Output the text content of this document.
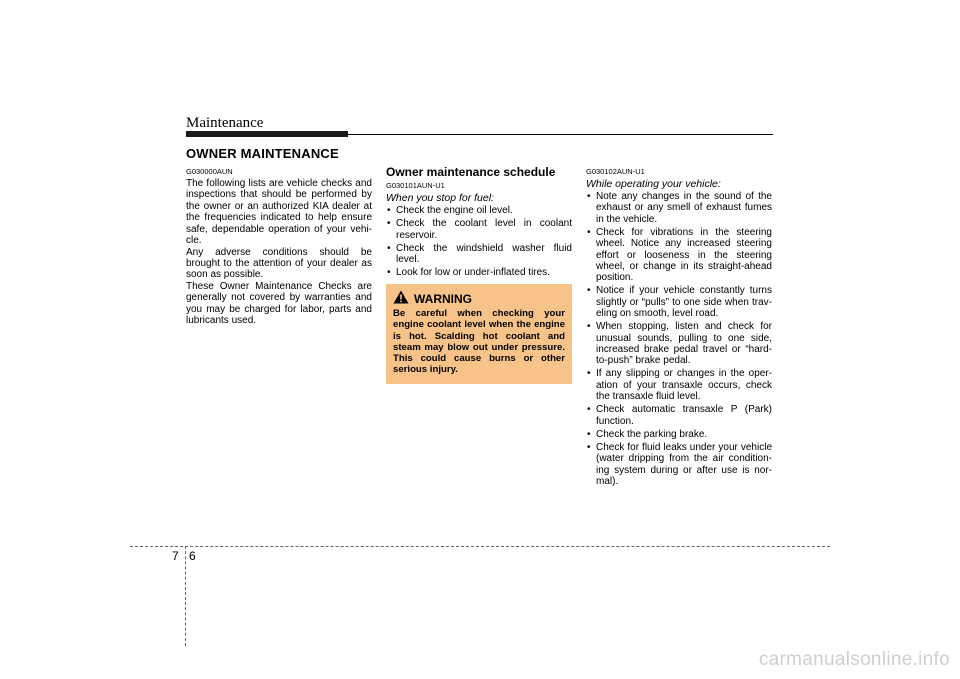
Maintenance
OWNER MAINTENANCE
G030000AUN

The following lists are vehicle checks and inspections that should be performed by the owner or an authorized KIA dealer at the frequencies indicated to help ensure safe, dependable operation of your vehi-cle.

Any adverse conditions should be brought to the attention of your dealer as soon as possible.

These Owner Maintenance Checks are generally not covered by warranties and you may be charged for labor, parts and lubricants used.

Owner maintenance schedule
G030101AUN-U1
When you stop for fuel:
• Check the engine oil level.
• Check the coolant level in coolant reservoir.
• Check the windshield washer fluid level.
• Look for low or under-inflated tires.
WARNING
Be careful when checking your engine coolant level when the engine is hot. Scalding hot coolant and steam may blow out under pressure. This could cause burns or other serious injury.
G030102AUN-U1
While operating your vehicle:
• Note any changes in the sound of the exhaust or any smell of exhaust fumes in the vehicle.
• Check for vibrations in the steering wheel. Notice any increased steering effort or looseness in the steering wheel, or change in its straight-ahead position.
• Notice if your vehicle constantly turns slightly or “pulls” to one side when trav-eling on smooth, level road.
• When stopping, listen and check for unusual sounds, pulling to one side, increased brake pedal travel or “hard-to-push” brake pedal.
• If any slipping or changes in the oper-ation of your transaxle occurs, check the transaxle fluid level.
• Check automatic transaxle P (Park) function.
• Check the parking brake.
• Check for fluid leaks under your vehicle (water dripping from the air condition-ing system during or after use is nor-mal).
7 6
carmanualsonline.info
